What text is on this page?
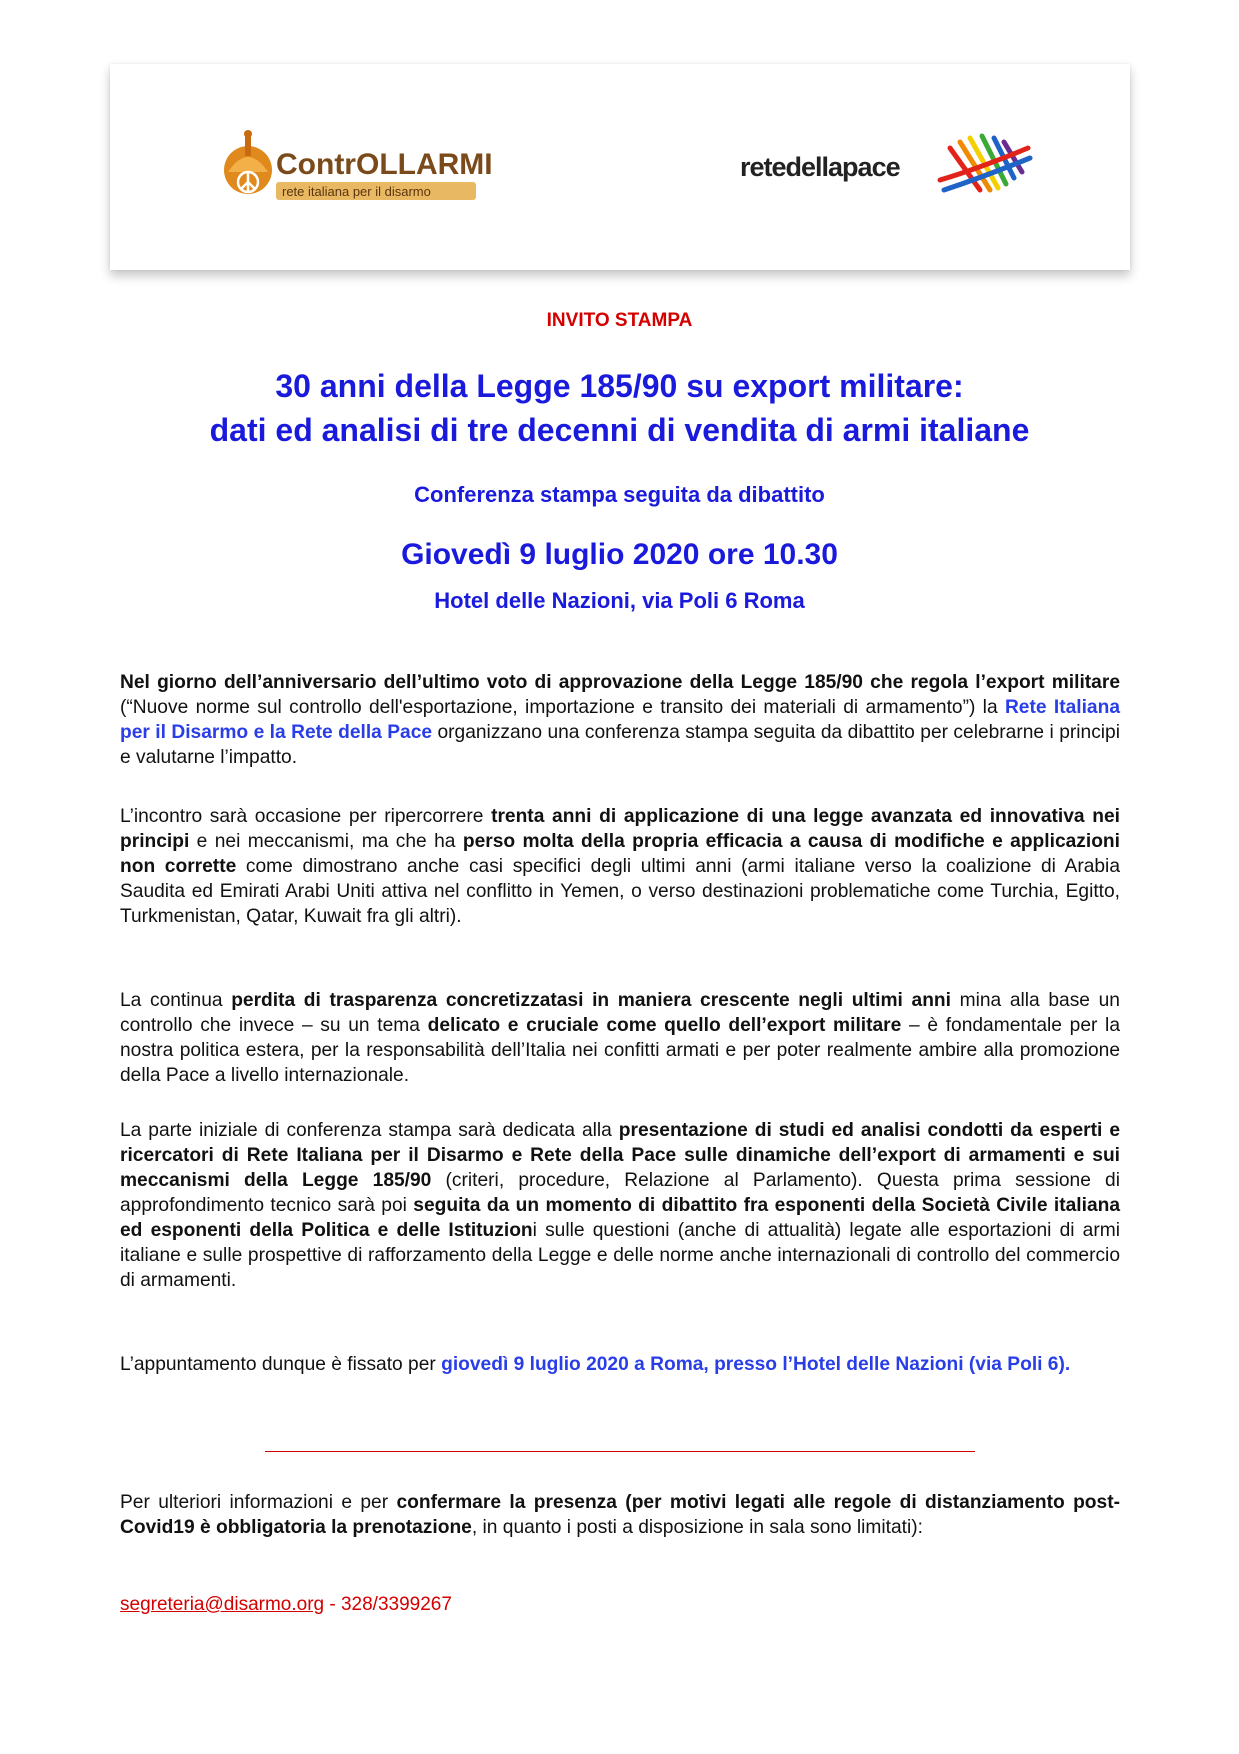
ContrOLLARMI
rete italiana per il disarmo
retedellapace
INVITO STAMPA
30 anni della Legge 185/90 su export militare:
dati ed analisi di tre decenni di vendita di armi italiane
Conferenza stampa seguita da dibattito
Giovedì 9 luglio 2020 ore 10.30
Hotel delle Nazioni, via Poli 6 Roma
Nel giorno dell’anniversario dell’ultimo voto di approvazione della Legge 185/90 che regola l’export militare (“Nuove norme sul controllo dell'esportazione, importazione e transito dei materiali di armamento”) la Rete Italiana per il Disarmo e la Rete della Pace organizzano una conferenza stampa seguita da dibattito per celebrarne i principi e valutarne l’impatto.
L’incontro sarà occasione per ripercorrere trenta anni di applicazione di una legge avanzata ed innovativa nei principi e nei meccanismi, ma che ha perso molta della propria efficacia a causa di modifiche e applicazioni non corrette come dimostrano anche casi specifici degli ultimi anni (armi italiane verso la coalizione di Arabia Saudita ed Emirati Arabi Uniti attiva nel conflitto in Yemen, o verso destinazioni problematiche come Turchia, Egitto, Turkmenistan, Qatar, Kuwait fra gli altri).
La continua perdita di trasparenza concretizzatasi in maniera crescente negli ultimi anni mina alla base un controllo che invece – su un tema delicato e cruciale come quello dell’export militare – è fondamentale per la nostra politica estera, per la responsabilità dell’Italia nei confitti armati e per poter realmente ambire alla promozione della Pace a livello internazionale.
La parte iniziale di conferenza stampa sarà dedicata alla presentazione di studi ed analisi condotti da esperti e ricercatori di Rete Italiana per il Disarmo e Rete della Pace sulle dinamiche dell’export di armamenti e sui meccanismi della Legge 185/90 (criteri, procedure, Relazione al Parlamento). Questa prima sessione di approfondimento tecnico sarà poi seguita da un momento di dibattito fra esponenti della Società Civile italiana ed esponenti della Politica e delle Istituzioni sulle questioni (anche di attualità) legate alle esportazioni di armi italiane e sulle prospettive di rafforzamento della Legge e delle norme anche internazionali di controllo del commercio di armamenti.
L’appuntamento dunque è fissato per giovedì 9 luglio 2020 a Roma, presso l’Hotel delle Nazioni (via Poli 6).
Per ulteriori informazioni e per confermare la presenza (per motivi legati alle regole di distanziamento post-Covid19 è obbligatoria la prenotazione, in quanto i posti a disposizione in sala sono limitati):
segreteria@disarmo.org - 328/3399267
